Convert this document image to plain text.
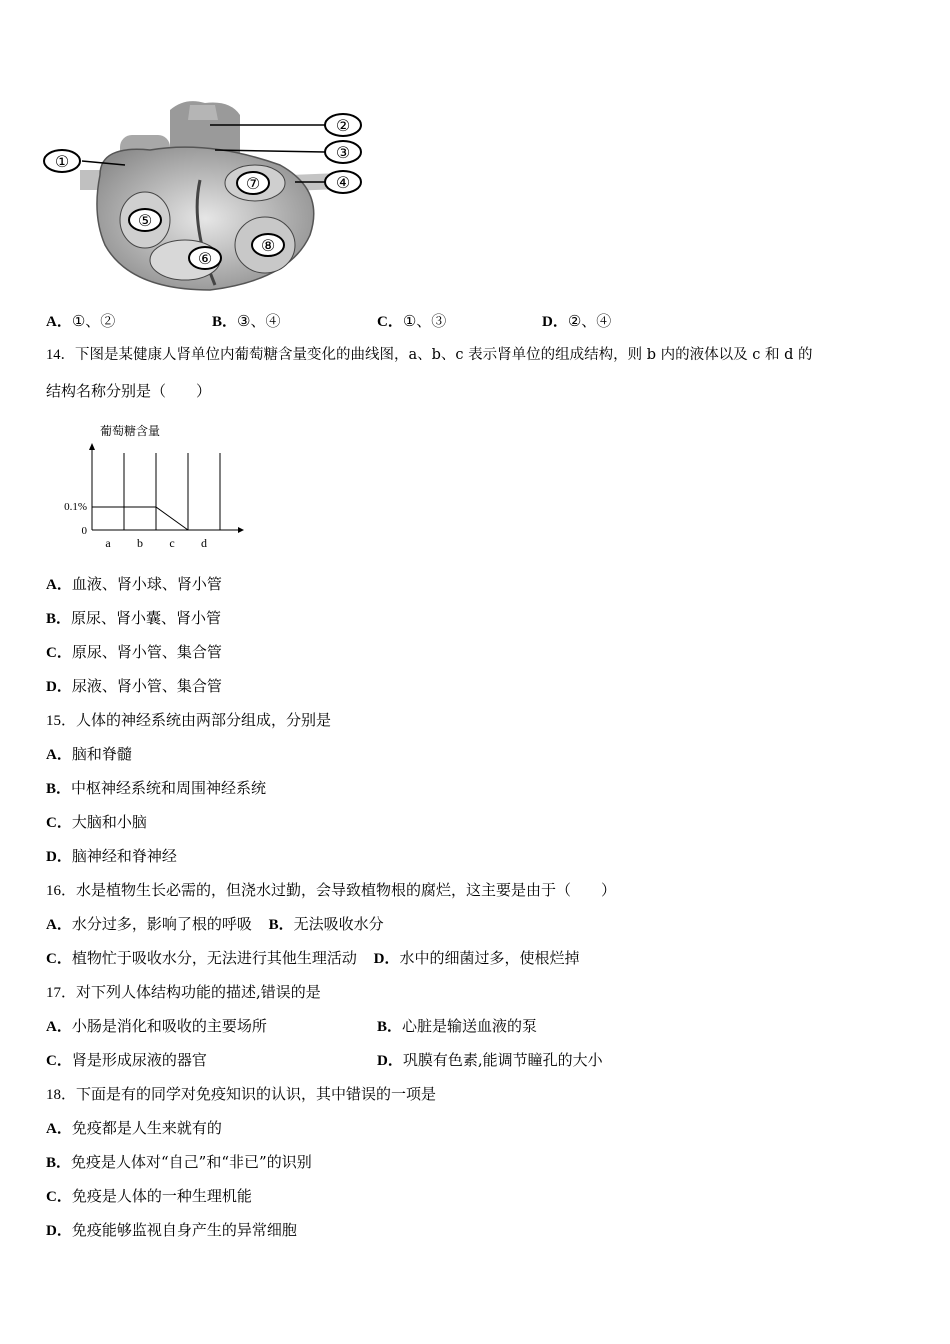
①
②
③
④
⑤
⑥
⑦
⑧
A．①、②	B．③、④	C．①、③	D．②、④
14．下图是某健康人肾单位内葡萄糖含量变化的曲线图，a、b、c 表示肾单位的组成结构，则 b 内的液体以及 c 和 d 的
结构名称分别是（　　）
葡萄糖含量
0.1%
0
a b c d
A．血液、肾小球、肾小管
B．原尿、肾小囊、肾小管
C．原尿、肾小管、集合管
D．尿液、肾小管、集合管
15．人体的神经系统由两部分组成，分别是
A．脑和脊髓
B．中枢神经系统和周围神经系统
C．大脑和小脑
D．脑神经和脊神经
16．水是植物生长必需的，但浇水过勤，会导致植物根的腐烂，这主要是由于（　　）
A．水分过多，影响了根的呼吸 B．无法吸收水分
C．植物忙于吸收水分，无法进行其他生理活动 D．水中的细菌过多，使根烂掉
17．对下列人体结构功能的描述,错误的是
A．小肠是消化和吸收的主要场所	B．心脏是输送血液的泵
C．肾是形成尿液的器官	D．巩膜有色素,能调节瞳孔的大小
18．下面是有的同学对免疫知识的认识，其中错误的一项是
A．免疫都是人生来就有的
B．免疫是人体对“自己”和“非已”的识别
C．免疫是人体的一种生理机能
D．免疫能够监视自身产生的异常细胞
